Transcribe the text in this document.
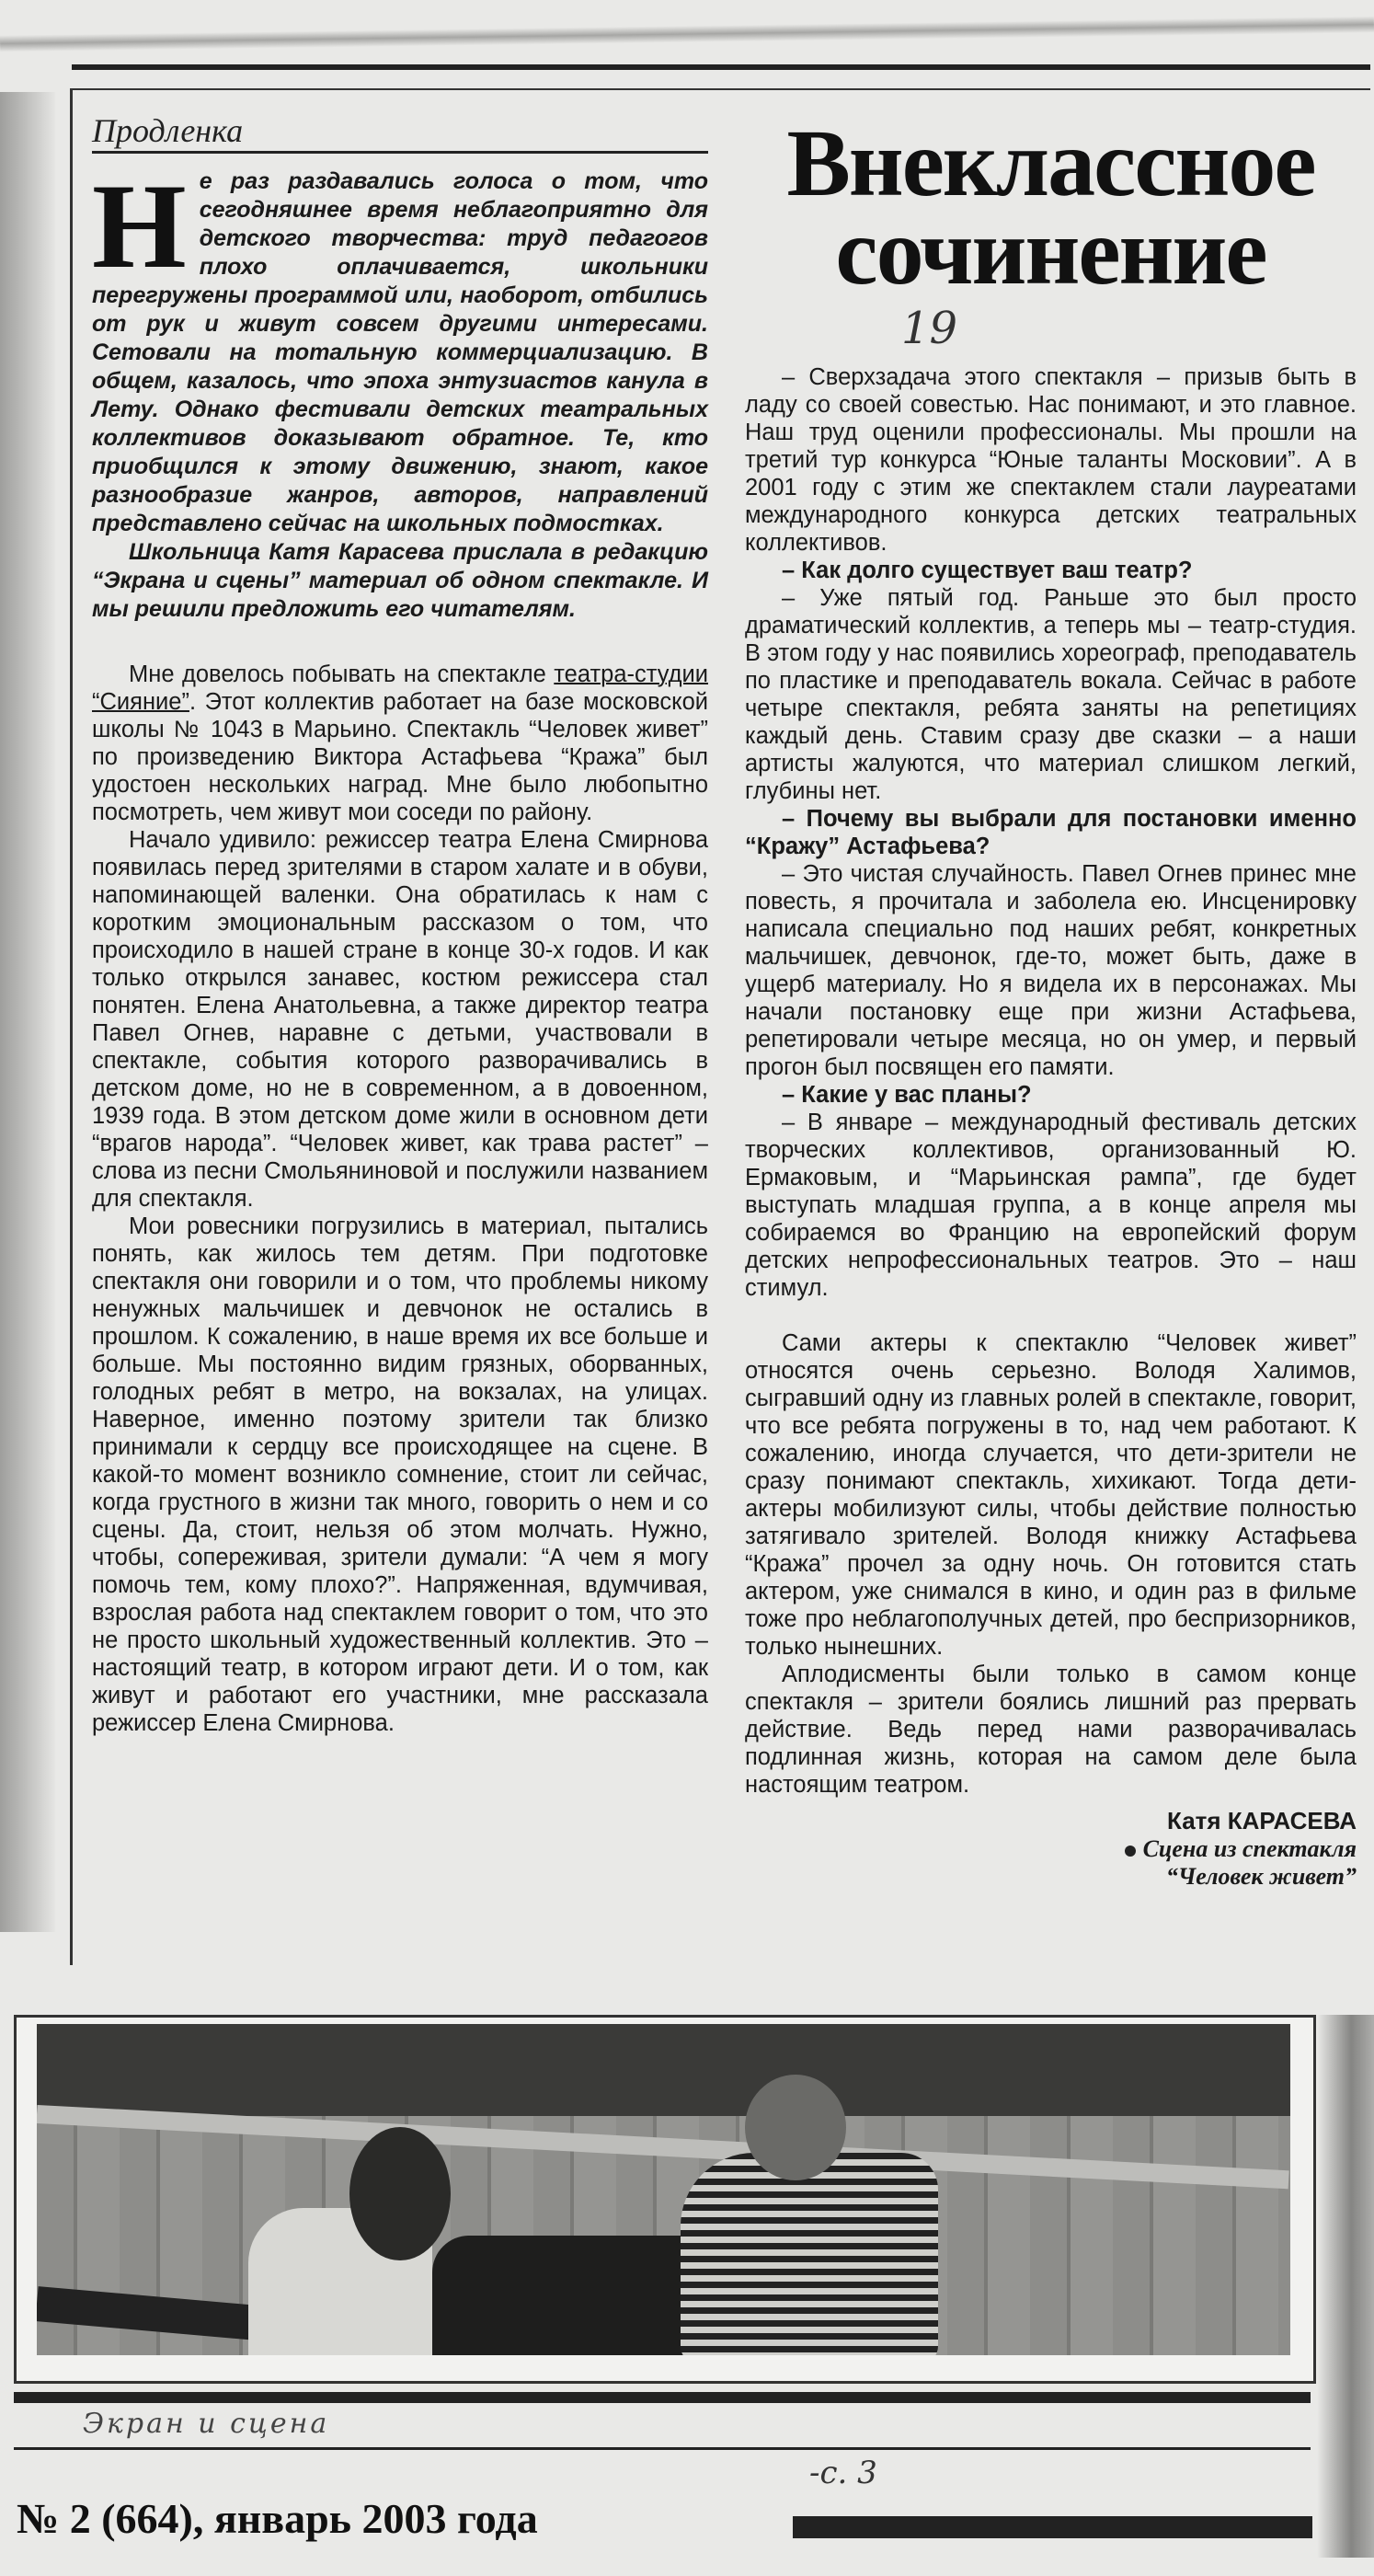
Продленка
Н е раз раздавались голоса о том, что сегодняшнее время неблагоприятно для детского творчества: труд педагогов плохо оплачивается, школьники перегружены программой или, наоборот, отбились от рук и живут совсем другими интересами. Сетовали на тотальную коммерциализацию. В общем, казалось, что эпоха энтузиастов канула в Лету. Однако фестивали детских театральных коллективов доказывают обратное. Те, кто приобщился к этому движению, знают, какое разнообразие жанров, авторов, направлений представлено сейчас на школьных подмостках.

Школьница Катя Карасева прислала в редакцию “Экрана и сцены” материал об одном спектакле. И мы решили предложить его читателям.

Мне довелось побывать на спектакле театра-студии “Сияние”. Этот коллектив работает на базе московской школы № 1043 в Марьино. Спектакль “Человек живет” по произведению Виктора Астафьева “Кража” был удостоен нескольких наград. Мне было любопытно посмотреть, чем живут мои соседи по району.

Начало удивило: режиссер театра Елена Смирнова появилась перед зрителями в старом халате и в обуви, напоминающей валенки. Она обратилась к нам с коротким эмоциональным рассказом о том, что происходило в нашей стране в конце 30-х годов. И как только открылся занавес, костюм режиссера стал понятен. Елена Анатольевна, а также директор театра Павел Огнев, наравне с детьми, участвовали в спектакле, события которого разворачивались в детском доме, но не в современном, а в довоенном, 1939 года. В этом детском доме жили в основном дети “врагов народа”. “Человек живет, как трава растет” – слова из песни Смольяниновой и послужили названием для спектакля.

Мои ровесники погрузились в материал, пытались понять, как жилось тем детям. При подготовке спектакля они говорили и о том, что проблемы никому ненужных мальчишек и девчонок не остались в прошлом. К сожалению, в наше время их все больше и больше. Мы постоянно видим грязных, оборванных, голодных ребят в метро, на вокзалах, на улицах. Наверное, именно поэтому зрители так близко принимали к сердцу все происходящее на сцене. В какой-то момент возникло сомнение, стоит ли сейчас, когда грустного в жизни так много, говорить о нем и со сцены. Да, стоит, нельзя об этом молчать. Нужно, чтобы, сопереживая, зрители думали: “А чем я могу помочь тем, кому плохо?”. Напряженная, вдумчивая, взрослая работа над спектаклем говорит о том, что это не просто школьный художественный коллектив. Это – настоящий театр, в котором играют дети. И о том, как живут и работают его участники, мне рассказала режиссер Елена Смирнова.

Внеклассное
сочинение
19

– Сверхзадача этого спектакля – призыв быть в ладу со своей совестью. Нас понимают, и это главное. Наш труд оценили профессионалы. Мы прошли на третий тур конкурса “Юные таланты Московии”. А в 2001 году с этим же спектаклем стали лауреатами международного конкурса детских театральных коллективов.

– Как долго существует ваш театр?

– Уже пятый год. Раньше это был просто драматический коллектив, а теперь мы – театр-студия. В этом году у нас появились хореограф, преподаватель по пластике и преподаватель вокала. Сейчас в работе четыре спектакля, ребята заняты на репетициях каждый день. Ставим сразу две сказки – а наши артисты жалуются, что материал слишком легкий, глубины нет.

– Почему вы выбрали для постановки именно “Кражу” Астафьева?

– Это чистая случайность. Павел Огнев принес мне повесть, я прочитала и заболела ею. Инсценировку написала специально под наших ребят, конкретных мальчишек, девчонок, где-то, может быть, даже в ущерб материалу. Но я видела их в персонажах. Мы начали постановку еще при жизни Астафьева, репетировали четыре месяца, но он умер, и первый прогон был посвящен его памяти.

– Какие у вас планы?

– В январе – международный фестиваль детских творческих коллективов, организованный Ю. Ермаковым, и “Марьинская рампа”, где будет выступать младшая группа, а в конце апреля мы собираемся во Францию на европейский форум детских непрофессиональных театров. Это – наш стимул.

Сами актеры к спектаклю “Человек живет” относятся очень серьезно. Володя Халимов, сыгравший одну из главных ролей в спектакле, говорит, что все ребята погружены в то, над чем работают. К сожалению, иногда случается, что дети-зрители не сразу понимают спектакль, хихикают. Тогда дети-актеры мобилизуют силы, чтобы действие полностью затягивало зрителей. Володя книжку Астафьева “Кража” прочел за одну ночь. Он готовится стать актером, уже снимался в кино, и один раз в фильме тоже про неблагополучных детей, про беспризорников, только нынешних.

Аплодисменты были только в самом конце спектакля – зрители боялись лишний раз прервать действие. Ведь перед нами разворачивалась подлинная жизнь, которая на самом деле была настоящим театром.

Катя КАРАСЕВА
Сцена из спектакля
“Человек живет”
Экран и сцена
-с. 3
№ 2 (664), январь 2003 года
